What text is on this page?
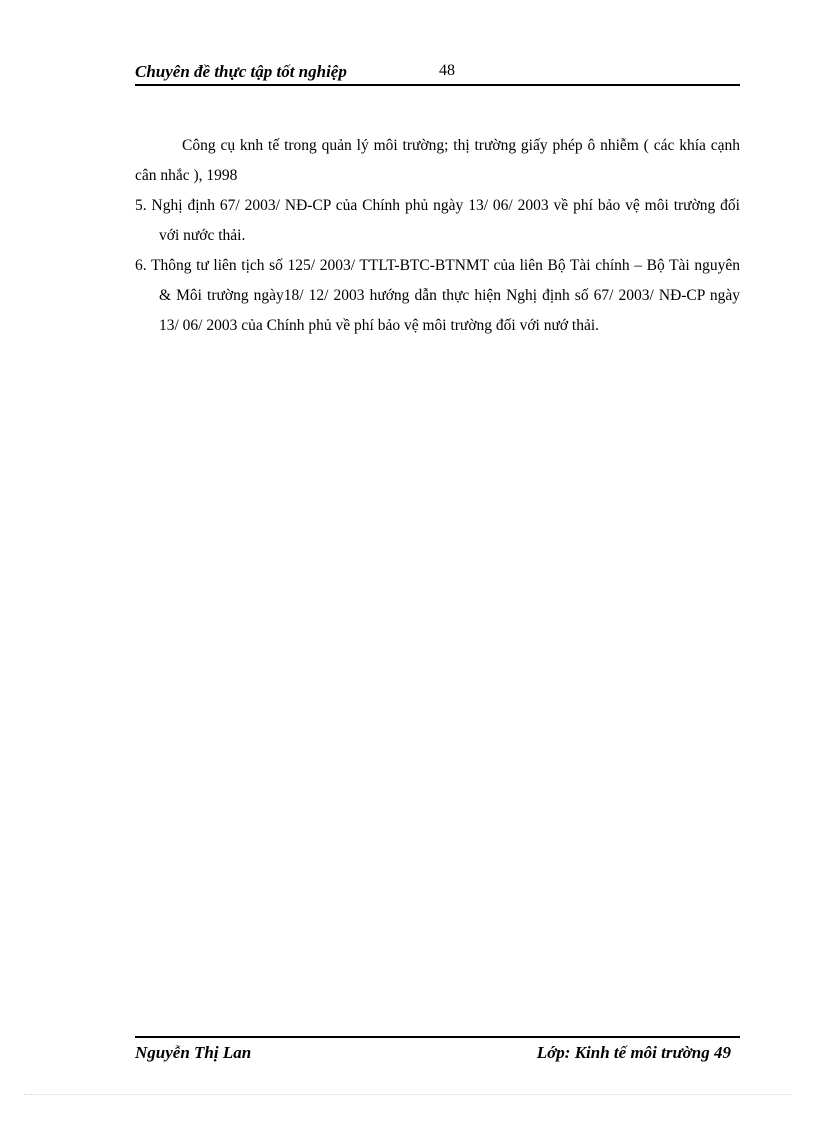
Chuyên đề thực tập tốt nghiệp	48

Công cụ knh tế trong quản lý môi trường; thị trường giấy phép ô nhiễm ( các khía cạnh cân nhắc ), 1998

5. Nghị định 67/ 2003/ NĐ-CP của Chính phủ ngày 13/ 06/ 2003 về phí bảo vệ môi trường đối với nước thải.

6. Thông tư liên tịch số 125/ 2003/ TTLT-BTC-BTNMT của liên Bộ Tài chính – Bộ Tài nguyên & Môi trường ngày18/ 12/ 2003 hướng dẫn thực hiện Nghị định số 67/ 2003/ NĐ-CP ngày 13/ 06/ 2003 của Chính phủ về phí bảo vệ môi trường đối với nướ thải.

Nguyễn Thị Lan	Lớp: Kinh tế môi trường 49
